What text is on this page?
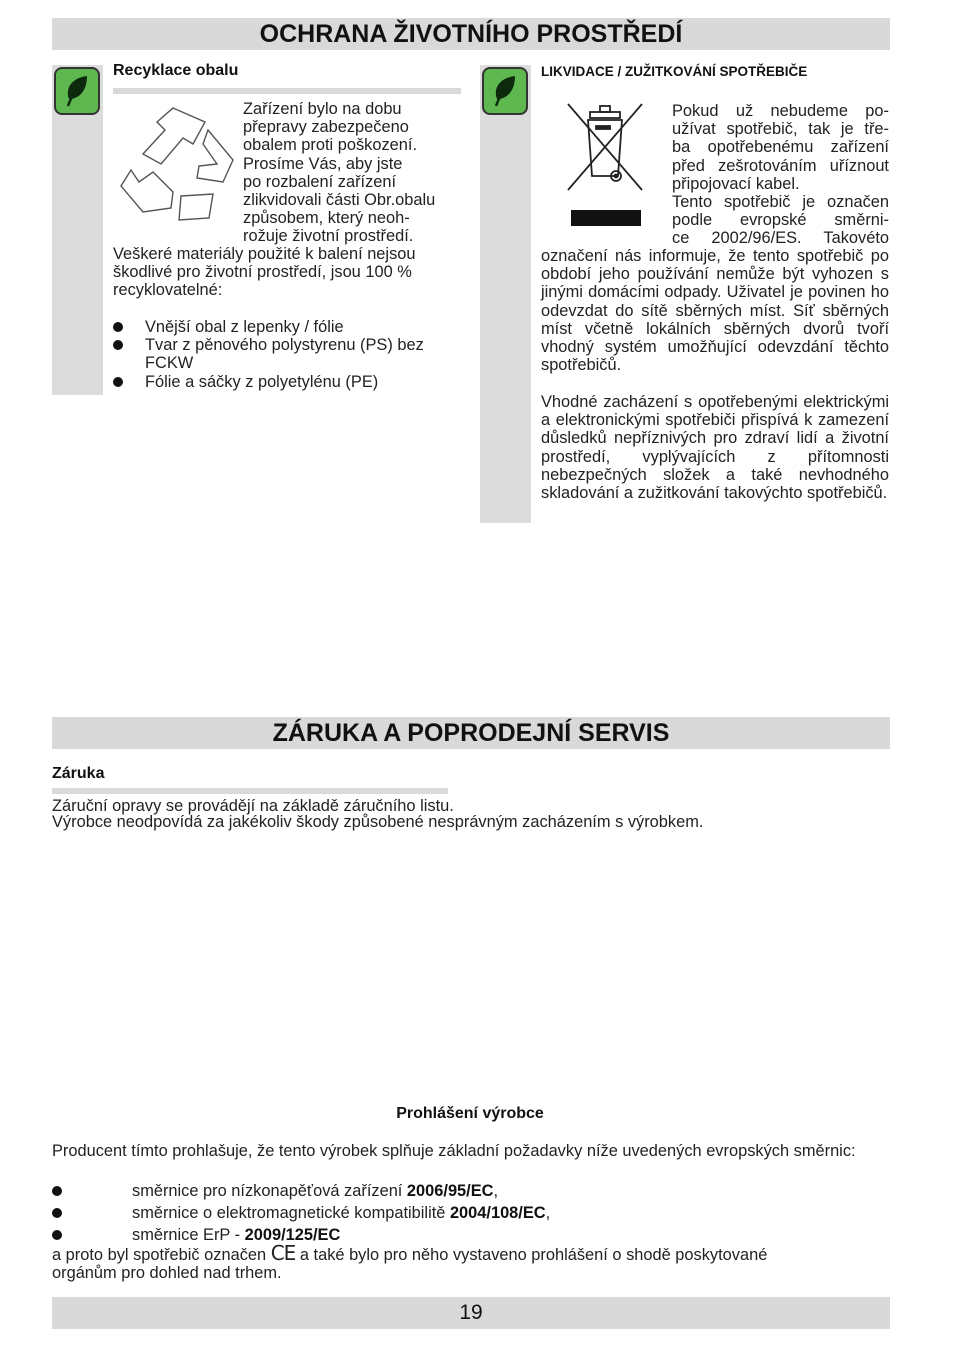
OCHRANA ŽIVOTNÍHO PROSTŘEDÍ
Recyklace obalu

Zařízení bylo na dobu

přepravy zabezpečeno

obalem proti poškození.

Prosíme Vás, aby jste

po rozbalení zařízení

zlikvidovali části Obr.obalu

způsobem, který neoh-

rožuje životní prostředí.

Veškeré materiály použité k balení nejsou škodlivé pro životní prostředí, jsou 100 % recyklovatelné:

Vnější obal z lepenky / fólie
Tvar z pěnového polystyrenu (PS) bez FCKW
Fólie a sáčky z polyetylénu (PE)
LIKVIDACE / ZUŽITKOVÁNÍ SPOTŘEBIČE

Pokud už nebudeme po-

užívat spotřebič, tak je tře-

ba opotřebenému zařízení

před zešrotováním uříznout

připojovací kabel.

Tento spotřebič je označen

podle evropské směrni-

ce 2002/96/ES. Takovéto

označení nás informuje, že tento spotřebič po období jeho používání nemůže být vyhozen s jinými domácími odpady. Uživatel je povinen ho odevzdat do sítě sběrných míst. Síť sběrných míst včetně lokálních sběrných dvorů tvoří vhodný systém umožňující odevzdání těchto spotřebičů.

Vhodné zacházení s opotřebenými elektrickými a elektronickými spotřebiči přispívá k zamezení důsledků nepříznivých pro zdraví lidí a životní prostředí, vyplývajících z přítomnosti nebezpečných složek a také nevhodného skladování a zužitkování takovýchto spotřebičů.

ZÁRUKA A POPRODEJNÍ SERVIS
Záruka

Záruční opravy se provádějí na základě záručního listu.

Výrobce neodpovídá za jakékoliv škody způsobené nesprávným zacházením s výrobkem.

Prohlášení výrobce

Producent tímto prohlašuje, že tento výrobek splňuje základní požadavky níže uvedených evropských směrnic:

směrnice pro nízkonapěťová zařízení 2006/95/EC,
směrnice o elektromagnetické kompatibilitě 2004/108/EC,
směrnice ErP - 2009/125/EC

a proto byl spotřebič označen CE a také bylo pro něho vystaveno prohlášení o shodě poskytované
orgánům pro dohled nad trhem.

19
